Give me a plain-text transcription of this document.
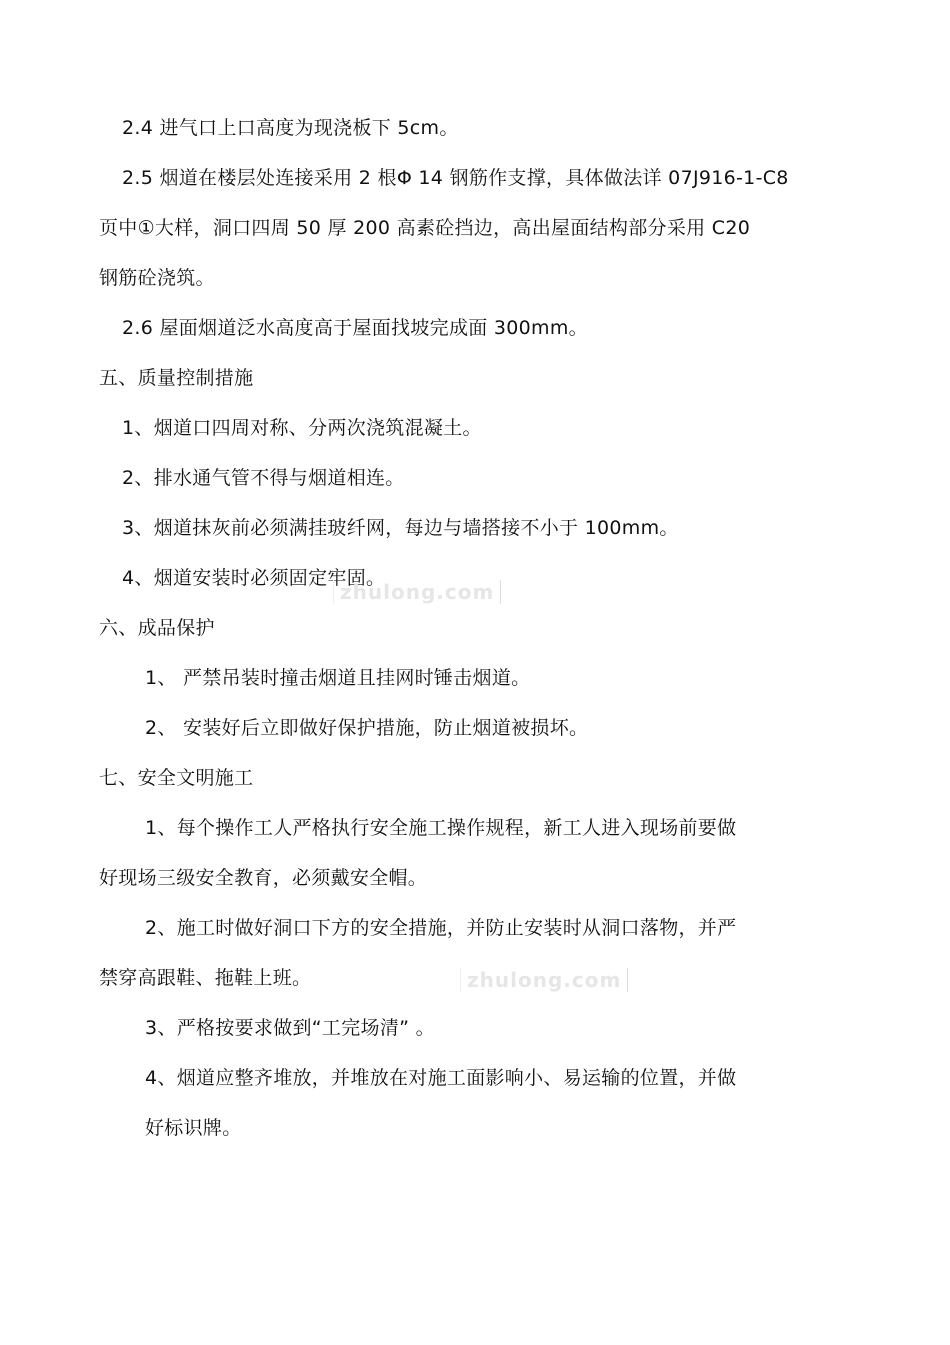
2.4 进气口上口高度为现浇板下 5cm。
2.5 烟道在楼层处连接采用 2 根Φ 14 钢筋作支撑，具体做法详 07J916-1-C8
页中①大样，洞口四周 50 厚 200 高素砼挡边，高出屋面结构部分采用 C20
钢筋砼浇筑。
2.6 屋面烟道泛水高度高于屋面找坡完成面 300mm。
五、质量控制措施
1、烟道口四周对称、分两次浇筑混凝土。
2、排水通气管不得与烟道相连。
3、烟道抹灰前必须满挂玻纤网，每边与墙搭接不小于 100mm。
4、烟道安装时必须固定牢固。
六、成品保护
1、 严禁吊装时撞击烟道且挂网时锤击烟道。
2、 安装好后立即做好保护措施，防止烟道被损坏。
七、安全文明施工
1、每个操作工人严格执行安全施工操作规程，新工人进入现场前要做
好现场三级安全教育，必须戴安全帽。
2、施工时做好洞口下方的安全措施，并防止安装时从洞口落物，并严
禁穿高跟鞋、拖鞋上班。
3、严格按要求做到“工完场清” 。
4、烟道应整齐堆放，并堆放在对施工面影响小、易运输的位置，并做
好标识牌。
zhulong.com
zhulong.com
